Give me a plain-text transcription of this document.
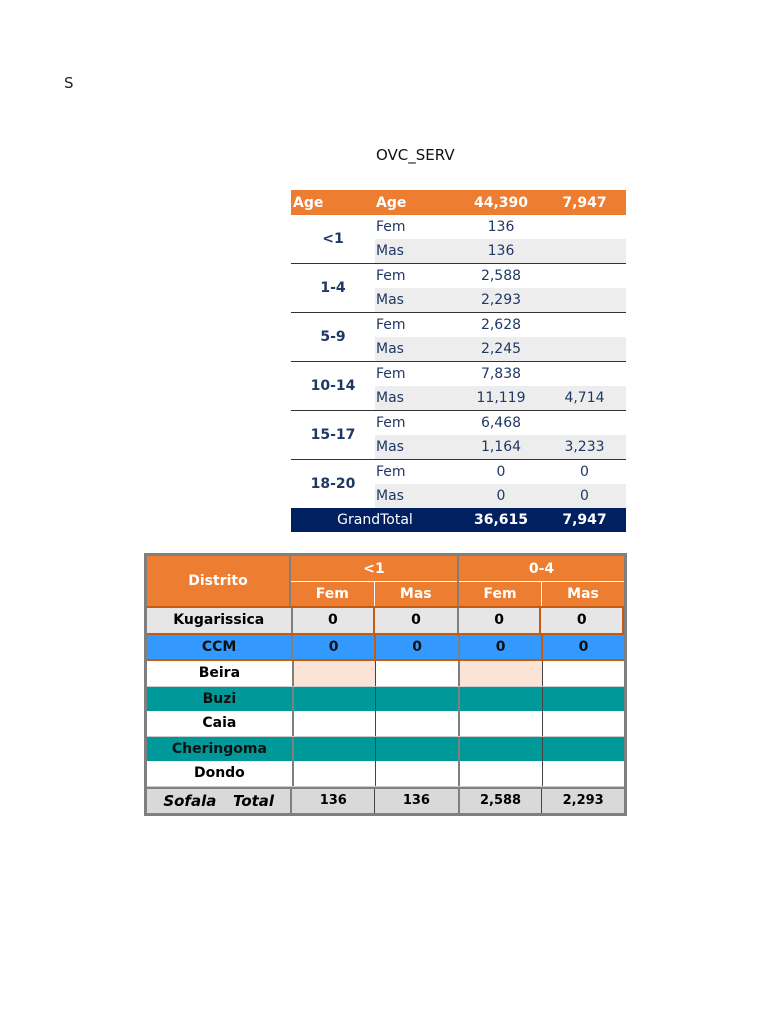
S
OVC_SERV
Age	Age	44,390	7,947
<1
Fem	136
Mas	136
1-4
Fem	2,588
Mas	2,293
5-9
Fem	2,628
Mas	2,245
10-14
Fem	7,838
Mas	11,119	4,714
15-17
Fem	6,468
Mas	1,164	3,233
18-20
Fem	0	0
Mas	0	0
GrandTotal	36,615	7,947
Distrito
<1
Fem	Mas
0-4
Fem	Mas
Kugarissica	0	0	0	0
CCM	0	0	0	0
Beira
Buzi
Caia
Cheringoma
Dondo
Sofala Total	136	136	2,588	2,293
